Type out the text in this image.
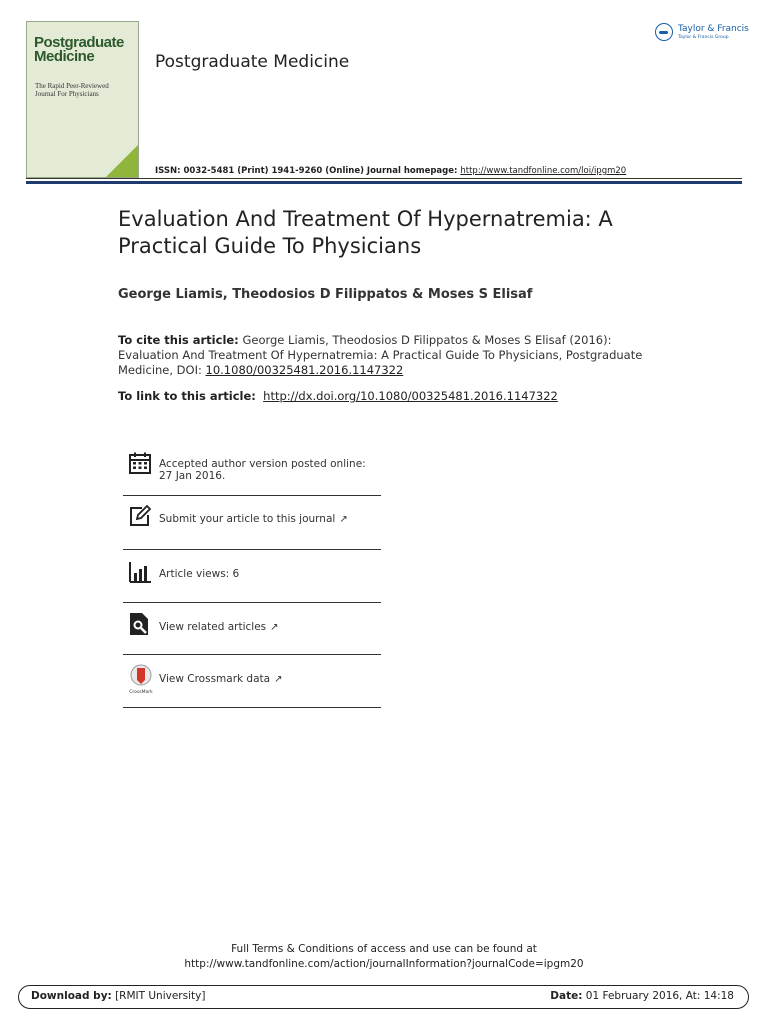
Postgraduate
Medicine
The Rapid Peer-Reviewed Journal For Physicians
Postgraduate Medicine
ISSN: 0032-5481 (Print) 1941-9260 (Online) Journal homepage: http://www.tandfonline.com/loi/ipgm20
Taylor & Francis
Taylor & Francis Group
Evaluation And Treatment Of Hypernatremia: A Practical Guide To Physicians
George Liamis, Theodosios D Filippatos & Moses S Elisaf
To cite this article: George Liamis, Theodosios D Filippatos & Moses S Elisaf (2016): Evaluation And Treatment Of Hypernatremia: A Practical Guide To Physicians, Postgraduate Medicine, DOI: 10.1080/00325481.2016.1147322
To link to this article: http://dx.doi.org/10.1080/00325481.2016.1147322
Accepted author version posted online: 27 Jan 2016.
Submit your article to this journal ↗
Article views: 6
View related articles ↗
CrossMark
View Crossmark data ↗
Full Terms & Conditions of access and use can be found at
http://www.tandfonline.com/action/journalInformation?journalCode=ipgm20
Download by: [RMIT University]	Date: 01 February 2016, At: 14:18
